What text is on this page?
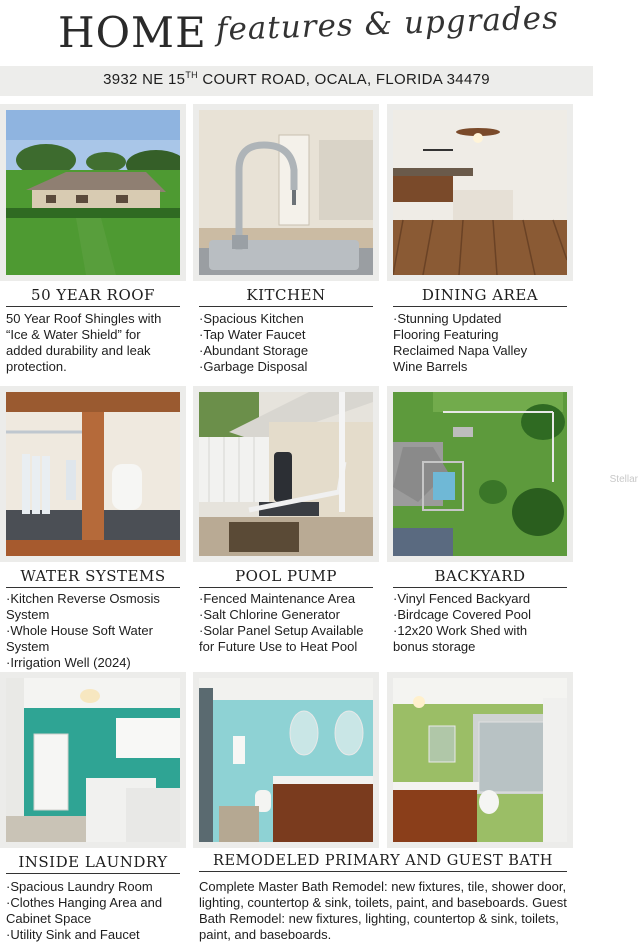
HOME features & upgrades
3932 NE 15TH COURT ROAD, OCALA, FLORIDA 34479
50 YEAR ROOF
50 Year Roof Shingles with “Ice & Water Shield” for added durability and leak protection.
KITCHEN
·Spacious Kitchen
·Tap Water Faucet
·Abundant Storage
·Garbage Disposal
DINING AREA
·Stunning Updated
Flooring Featuring
Reclaimed Napa Valley
Wine Barrels
WATER SYSTEMS
·Kitchen Reverse Osmosis
System
·Whole House Soft Water
System
·Irrigation Well (2024)
POOL PUMP
·Fenced Maintenance Area
·Salt Chlorine Generator
·Solar Panel Setup Available
for Future Use to Heat Pool
BACKYARD
·Vinyl Fenced Backyard
·Birdcage Covered Pool
·12x20 Work Shed with
bonus storage
INSIDE LAUNDRY
·Spacious Laundry Room
·Clothes Hanging Area and
Cabinet Space
·Utility Sink and Faucet
REMODELED PRIMARY AND GUEST BATH
Complete Master Bath Remodel: new fixtures, tile, shower door, lighting, countertop & sink, toilets, paint, and baseboards. Guest Bath Remodel: new fixtures, lighting, countertop & sink, toilets, paint, and baseboards.
Stellar
